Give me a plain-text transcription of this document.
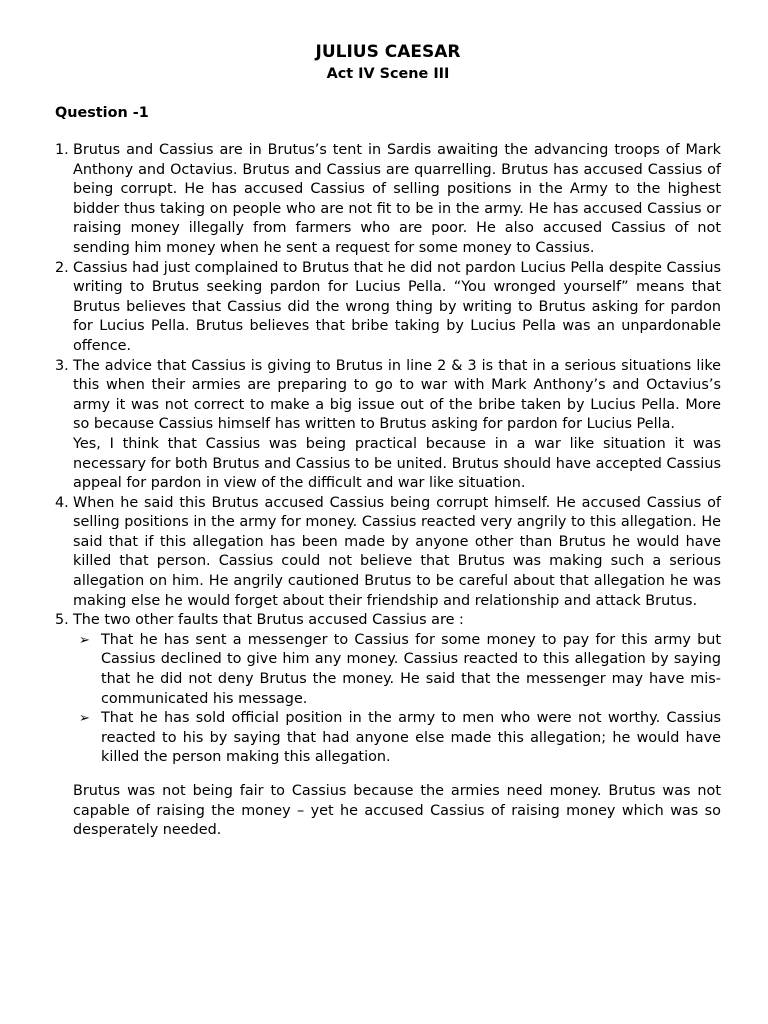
JULIUS CAESAR
Act IV Scene III
Question -1
1. Brutus and Cassius are in Brutus’s tent in Sardis awaiting the advancing troops of Mark Anthony and Octavius. Brutus and Cassius are quarrelling. Brutus has accused Cassius of being corrupt. He has accused Cassius of selling positions in the Army to the highest bidder thus taking on people who are not fit to be in the army. He has accused Cassius or raising money illegally from farmers who are poor. He also accused Cassius of not sending him money when he sent a request for some money to Cassius.

2. Cassius had just complained to Brutus that he did not pardon Lucius Pella despite Cassius writing to Brutus seeking pardon for Lucius Pella. “You wronged yourself” means that Brutus believes that Cassius did the wrong thing by writing to Brutus asking for pardon for Lucius Pella. Brutus believes that bribe taking by Lucius Pella was an unpardonable offence.

3. The advice that Cassius is giving to Brutus in line 2 & 3 is that in a serious situations like this when their armies are preparing to go to war with Mark Anthony’s and Octavius’s army it was not correct to make a big issue out of the bribe taken by Lucius Pella. More so because Cassius himself has written to Brutus asking for pardon for Lucius Pella.

Yes, I think that Cassius was being practical because in a war like situation it was necessary for both Brutus and Cassius to be united. Brutus should have accepted Cassius appeal for pardon in view of the difficult and war like situation.

4. When he said this Brutus accused Cassius being corrupt himself. He accused Cassius of selling positions in the army for money. Cassius reacted very angrily to this allegation. He said that if this allegation has been made by anyone other than Brutus he would have killed that person. Cassius could not believe that Brutus was making such a serious allegation on him. He angrily cautioned Brutus to be careful about that allegation he was making else he would forget about their friendship and relationship and attack Brutus.

5. The two other faults that Brutus accused Cassius are :

➢ That he has sent a messenger to Cassius for some money to pay for this army but Cassius declined to give him any money. Cassius reacted to this allegation by saying that he did not deny Brutus the money. He said that the messenger may have mis-communicated his message.
➢ That he has sold official position in the army to men who were not worthy. Cassius reacted to his by saying that had anyone else made this allegation; he would have killed the person making this allegation.

Brutus was not being fair to Cassius because the armies need money. Brutus was not capable of raising the money – yet he accused Cassius of raising money which was so desperately needed.
